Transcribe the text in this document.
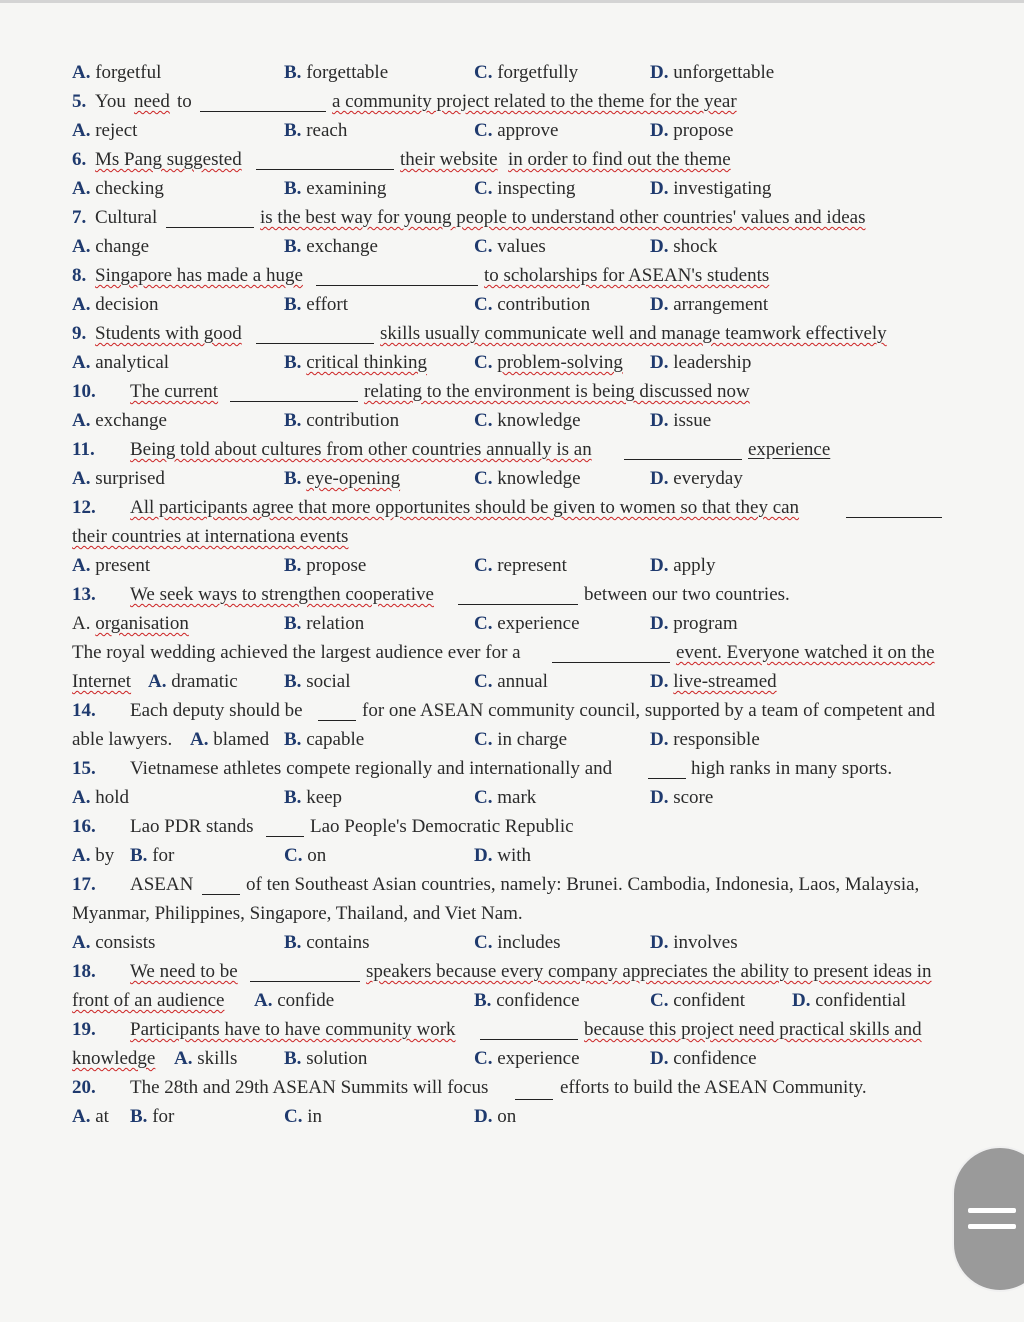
A. forgetful	B. forgettable	C. forgetfully	D. unforgettable
5. You need to	a community project related to the theme for the year
A. reject	B. reach	C. approve	D. propose
6. Ms Pang suggested	their website in order to find out the theme
A. checking	B. examining	C. inspecting	D. investigating
7. Cultural	is the best way for young people to understand other countries' values and ideas
A. change	B. exchange	C. values	D. shock
8. Singapore has made a huge	to scholarships for ASEAN's students
A. decision	B. effort	C. contribution	D. arrangement
9. Students with good	skills usually communicate well and manage teamwork effectively
A. analytical	B. critical thinking C. problem-solving D. leadership
10. The current	relating to the environment is being discussed now
A. exchange	B. contribution	C. knowledge	D. issue
11. Being told about cultures from other countries annually is an	experience
A. surprised	B. eye-opening	C. knowledge	D. everyday
12. All participants agree that more opportunites should be given to women so that they can
their countries at internationa events
A. present	B. propose	C. represent	D. apply
13. We seek ways to strengthen cooperative	between our two countries.
A. organisation	B. relation	C. experience	D. program
The royal wedding achieved the largest audience ever for a	event. Everyone watched it on the
Internet A. dramatic B. social	C. annual	D. live-streamed
14. Each deputy should be	for one ASEAN community council, supported by a team of competent and
able lawyers. A. blamed B. capable	C. in charge	D. responsible
15. Vietnamese athletes compete regionally and internationally and	high ranks in many sports.
A. hold	B. keep	C. mark	D. score
16. Lao PDR stands	Lao People's Democratic Republic
A. by B. for	C. on	D. with
17. ASEAN	of ten Southeast Asian countries, namely: Brunei. Cambodia, Indonesia, Laos, Malaysia,
Myanmar, Philippines, Singapore, Thailand, and Viet Nam.
A. consists	B. contains	C. includes	D. involves
18. We need to be	speakers because every company appreciates the ability to present ideas in
front of an audience A. confide	B. confidence	C. confident D. confidential
19. Participants have to have community work	because this project need practical skills and
knowledge A. skills B. solution	C. experience	D. confidence
20. The 28th and 29th ASEAN Summits will focus	efforts to build the ASEAN Community.
A. at B. for	C. in	D. on
